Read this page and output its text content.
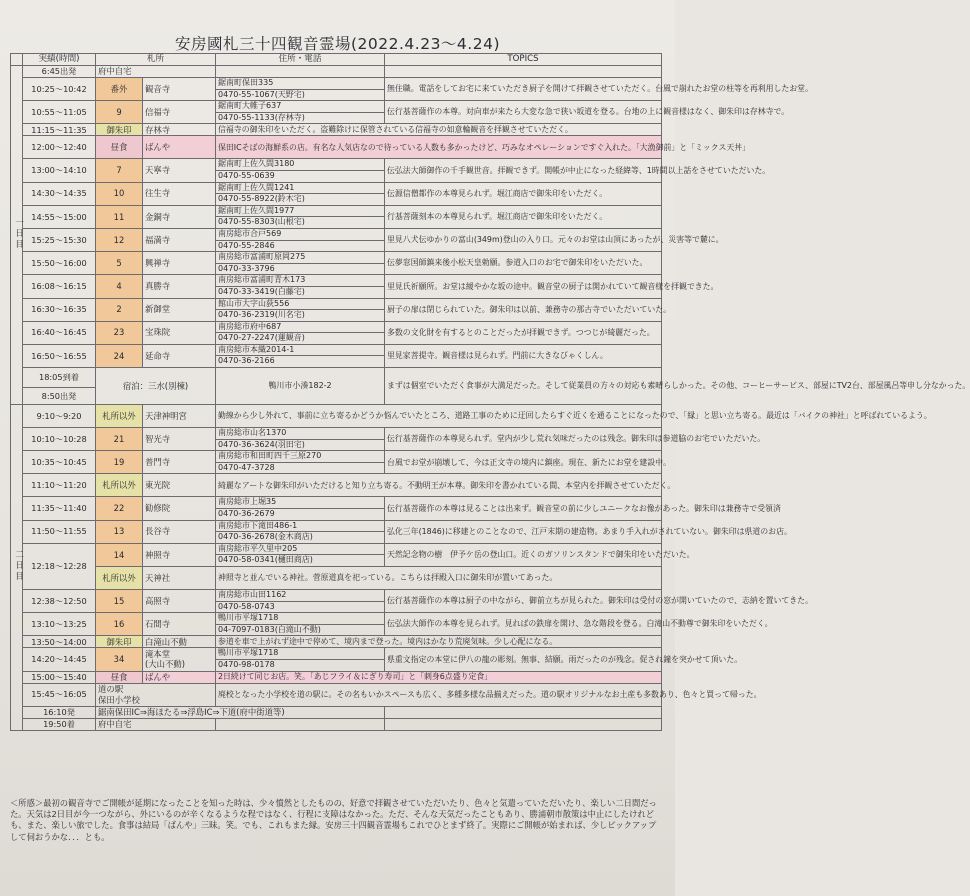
安房國札三十四観音霊場(2022.4.23〜4.24)
	実績(時間)	札所		住所・電話	TOPICS
一日目	6:45出発	府中自宅			
	10:25〜10:42	番外	観音寺	鋸南町保田335
0470-55-1067(天野宅)	無住職。電話をしてお宅に来ていただき厨子を開けて拝観させていただく。台風で崩れたお堂の柱等を再利用したお堂。
	10:55〜11:05	9	信福寺	鋸南町大帷子637
0470-55-1133(存林寺)	伝行基菩薩作の本尊。対向車が来たら大変な急で狭い坂道を登る。台地の上に観音様はなく、御朱印は存林寺で。
	11:15〜11:35	御朱印	存林寺	信福寺の御朱印をいただく。盗難除けに保管されている信福寺の如意輪観音を拝観させていただく。	
	12:00〜12:40	昼食	ばんや	保田ICそばの海鮮系の店。有名な人気店なので待っている人数も多かったけど、巧みなオペレーションですぐ入れた。「大漁御前」と「ミックス天丼」	
	13:00〜14:10	7	天寧寺	鋸南町上佐久間3180
0470-55-0639	伝弘法大師御作の千手観世音。拝観できず。開帳が中止になった経緯等、1時間以上話をさせていただいた。
	14:30〜14:35	10	往生寺	鋸南町上佐久間1241
0470-55-8922(鈴木宅)	伝源信僧都作の本尊見られず。堀江商店で御朱印をいただく。
	14:55〜15:00	11	金銅寺	鋸南町上佐久間1977
0470-55-8303(山根宅)	行基菩薩刻本の本尊見られず。堀江商店で御朱印をいただく。
	15:25〜15:30	12	福満寺	南房総市合戸569
0470-55-2846	里見八犬伝ゆかりの富山(349m)登山の入り口。元々のお堂は山頂にあったが、災害等で麓に。
	15:50〜16:00	5	興禅寺	南房総市富浦町原岡275
0470-33-3796	伝夢窓国師鎮来後小松天皇勅願。参道入口のお宅で御朱印をいただいた。
	16:08〜16:15	4	真勝寺	南房総市富浦町青木173
0470-33-3419(白藤宅)	里見氏祈願所。お堂は緩やかな坂の途中。観音堂の厨子は開かれていて観音様を拝観できた。
	16:30〜16:35	2	新御堂	館山市大字山荻556
0470-36-2319(川名宅)	厨子の扉は閉じられていた。御朱印は以前、兼務寺の那古寺でいただいていた。
	16:40〜16:45	23	宝珠院	南房総市府中687
0470-27-2247(蓮観音)	多数の文化財を有するとのことだったが拝観できず。つつじが綺麗だった。
	16:50〜16:55	24	延命寺	南房総市本織2014-1
0470-36-2166	里見家菩提寺。観音様は見られず。門前に大きなびゃくしん。
	18:05到着	宿泊：三水(別棟)		鴨川市小湊182-2	まずは個室でいただく食事が大満足だった。そして従業員の方々の対応も素晴らしかった。その他、コーヒーサービス、部屋にTV2台、部屋風呂等申し分なかった。
	8:50出発				
二日目	9:10〜9:20	札所以外	天津神明宮	勤線から少し外れて、事前に立ち寄るかどうか悩んでいたところ、道路工事のために迂回したらすぐ近くを通ることになったので、「縁」と思い立ち寄る。最近は「バイクの神社」と呼ばれているよう。	
	10:10〜10:28	21	智光寺	南房総市山名1370
0470-36-3624(羽田宅)	伝行基菩薩作の本尊見られず。堂内が少し荒れ気味だったのは残念。御朱印は参道脇のお宅でいただいた。
	10:35〜10:45	19	普門寺	南房総市和田町四千三原270
0470-47-3728	台風でお堂が崩壊して、今は正文寺の境内に鎮座。現在、新たにお堂を建設中。
	11:10〜11:20	札所以外	東光院	綺麗なアートな御朱印がいただけると知り立ち寄る。不動明王が本尊。御朱印を書かれている間、本堂内を拝観させていただく。	
	11:35〜11:40	22	勧修院	南房総市上堀35
0470-36-2679	伝行基菩薩作の本尊は見ることは出来ず。観音堂の前に少しユニークなお像があった。御朱印は兼務寺で受領済
	11:50〜11:55	13	長谷寺	南房総市下滝田486-1
0470-36-2678(金木商店)	弘化三年(1846)に移建とのことなので、江戸末期の建造物。あまり手入れがされていない。御朱印は県道のお店。
	12:18〜12:28	14	神照寺	南房総市平久里中205
0470-58-0341(樋田商店)	天然記念物の樹　伊予ケ岳の登山口。近くのガソリンスタンドで御朱印をいただいた。
		札所以外	天神社	神照寺と並んでいる神社。菅原道真を祀っている。こちらは拝殿入口に御朱印が置いてあった。	
	12:38〜12:50	15	高照寺	南房総市山田1162
0470-58-0743	伝行基菩薩作の本尊は厨子の中ながら、御前立ちが見られた。御朱印は受付の窓が開いていたので、志納を置いてきた。
	13:10〜13:25	16	石間寺	鴨川市平塚1718
04-7097-0183(白滝山不動)	伝弘法大師作の本尊を見られず。見ればの鉄扉を開け、急な階段を登る。白滝山不動尊で御朱印をいただく。
	13:50〜14:00	御朱印	白滝山不動	参道を車で上がれず途中で停めて、境内まで登った。境内はかなり荒廃気味。少し心配になる。	
	14:20〜14:45	34	滝本堂
(大山不動)	鴨川市平塚1718
0470-98-0178	県重文指定の本堂に伊八の龍の彫刻。無事、結願。雨だったのが残念。促され鐘を突かせて頂いた。
	15:00〜15:40	昼食	ばんや	2日続けて同じお店。笑。「あじフライ＆にぎり寿司」と「刺身6点盛り定食」	
	15:45〜16:05	道の駅
保田小学校		廃校となった小学校を道の駅に。その名もいかスペースも広く、多種多様な品揃えだった。道の駅オリジナルなお土産も多数あり、色々と買って帰った。	
	16:10発	鋸南保田IC⇒海ほたる⇒浮島IC⇒下道(府中街道等)			
	19:50着	府中自宅			
＜所感＞最初の観音寺でご開帳が延期になったことを知った時は、少々憤然としたものの、好意で拝観させていただいたり、色々と気遣っていただいたり、楽しい二日間だった。天気は2日目が今一つながら、外にいるのが辛くなるような程ではなく、行程に支障はなかった。ただ、そんな天気だったこともあり、勝浦朝市散策は中止にしたけれども、また、楽しい旅でした。食事は結局「ばんや」三昧。笑。でも、これもまた縁。安房三十四観音霊場もこれでひとまず終了。実際にご開帳が始まれば、少しピックアップして伺おうかな．．．とも。
